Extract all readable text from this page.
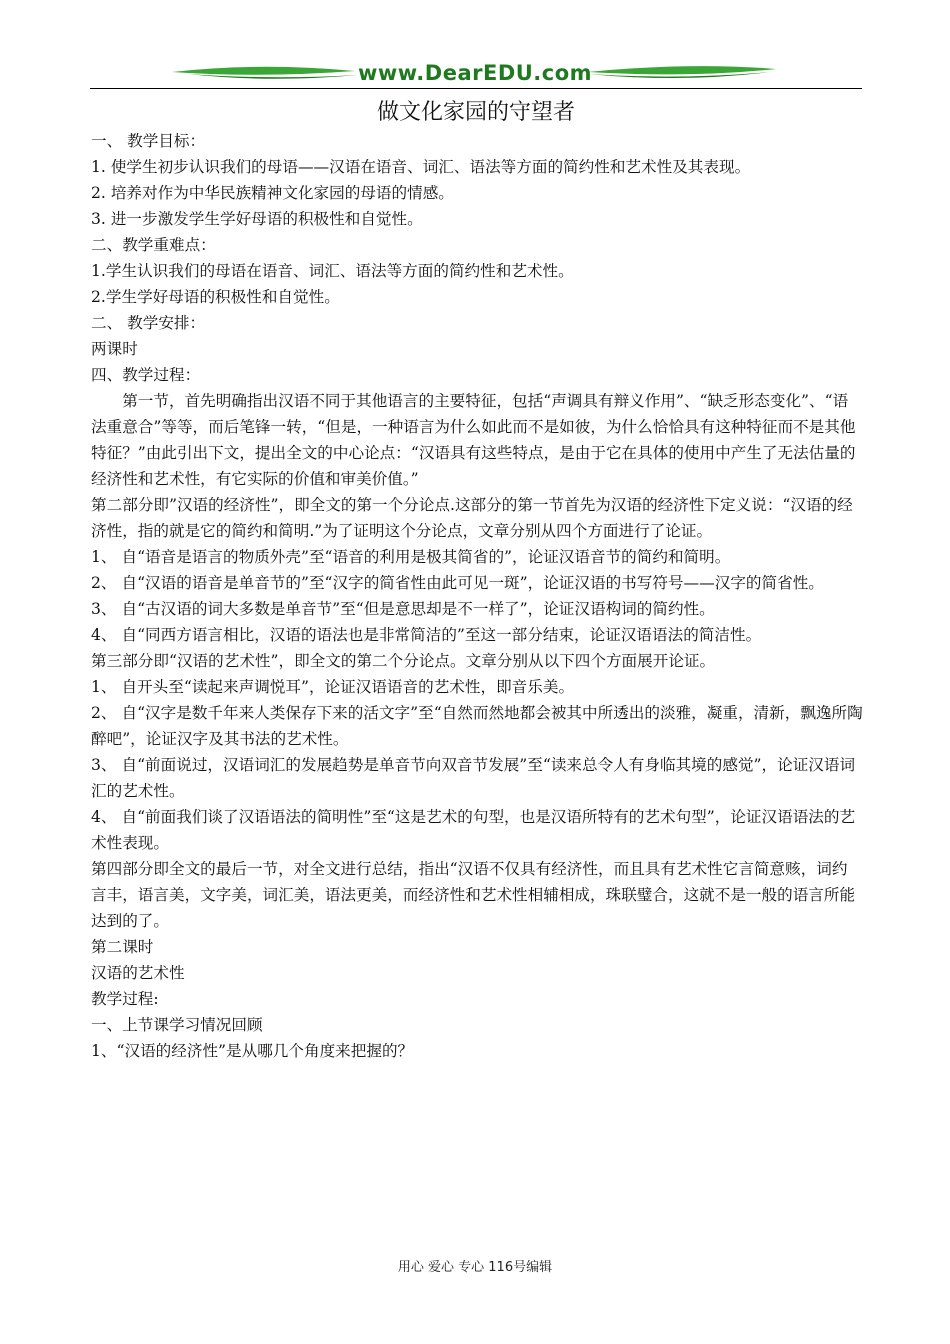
www.DearEDU.com
做文化家园的守望者

一、 教学目标：

1. 使学生初步认识我们的母语——汉语在语音、词汇、语法等方面的简约性和艺术性及其表现。

2. 培养对作为中华民族精神文化家园的母语的情感。

3. 进一步激发学生学好母语的积极性和自觉性。

二、教学重难点：

1.学生认识我们的母语在语音、词汇、语法等方面的简约性和艺术性。

2.学生学好母语的积极性和自觉性。

二、 教学安排：

两课时

四、教学过程：

第一节，首先明确指出汉语不同于其他语言的主要特征，包括“声调具有辩义作用”、“缺乏形态变化”、“语法重意合”等等，而后笔锋一转，“但是，一种语言为什么如此而不是如彼，为什么恰恰具有这种特征而不是其他特征？”由此引出下文，提出全文的中心论点：“汉语具有这些特点，是由于它在具体的使用中产生了无法估量的经济性和艺术性，有它实际的价值和审美价值。”

第二部分即”汉语的经济性”，即全文的第一个分论点.这部分的第一节首先为汉语的经济性下定义说：“汉语的经济性，指的就是它的简约和简明.”为了证明这个分论点，文章分别从四个方面进行了论证。

1、 自“语音是语言的物质外壳”至“语音的利用是极其简省的”，论证汉语音节的简约和简明。

2、 自“汉语的语音是单音节的”至“汉字的简省性由此可见一斑”，论证汉语的书写符号——汉字的简省性。

3、 自“古汉语的词大多数是单音节”至“但是意思却是不一样了”，论证汉语构词的简约性。

4、 自“同西方语言相比，汉语的语法也是非常简洁的”至这一部分结束，论证汉语语法的简洁性。

第三部分即“汉语的艺术性”，即全文的第二个分论点。文章分别从以下四个方面展开论证。

1、 自开头至“读起来声调悦耳”，论证汉语语音的艺术性，即音乐美。

2、 自“汉字是数千年来人类保存下来的活文字”至“自然而然地都会被其中所透出的淡雅，凝重，清新，飘逸所陶醉吧”，论证汉字及其书法的艺术性。

3、 自“前面说过，汉语词汇的发展趋势是单音节向双音节发展”至“读来总令人有身临其境的感觉”，论证汉语词汇的艺术性。

4、 自“前面我们谈了汉语语法的简明性”至“这是艺术的句型，也是汉语所特有的艺术句型”，论证汉语语法的艺术性表现。

第四部分即全文的最后一节，对全文进行总结，指出“汉语不仅具有经济性，而且具有艺术性它言简意赅，词约言丰，语言美，文字美，词汇美，语法更美，而经济性和艺术性相辅相成，珠联璧合，这就不是一般的语言所能达到的了。

第二课时

汉语的艺术性

教学过程:

一、上节课学习情况回顾

1、“汉语的经济性”是从哪几个角度来把握的？

用心 爱心 专心 116号编辑
